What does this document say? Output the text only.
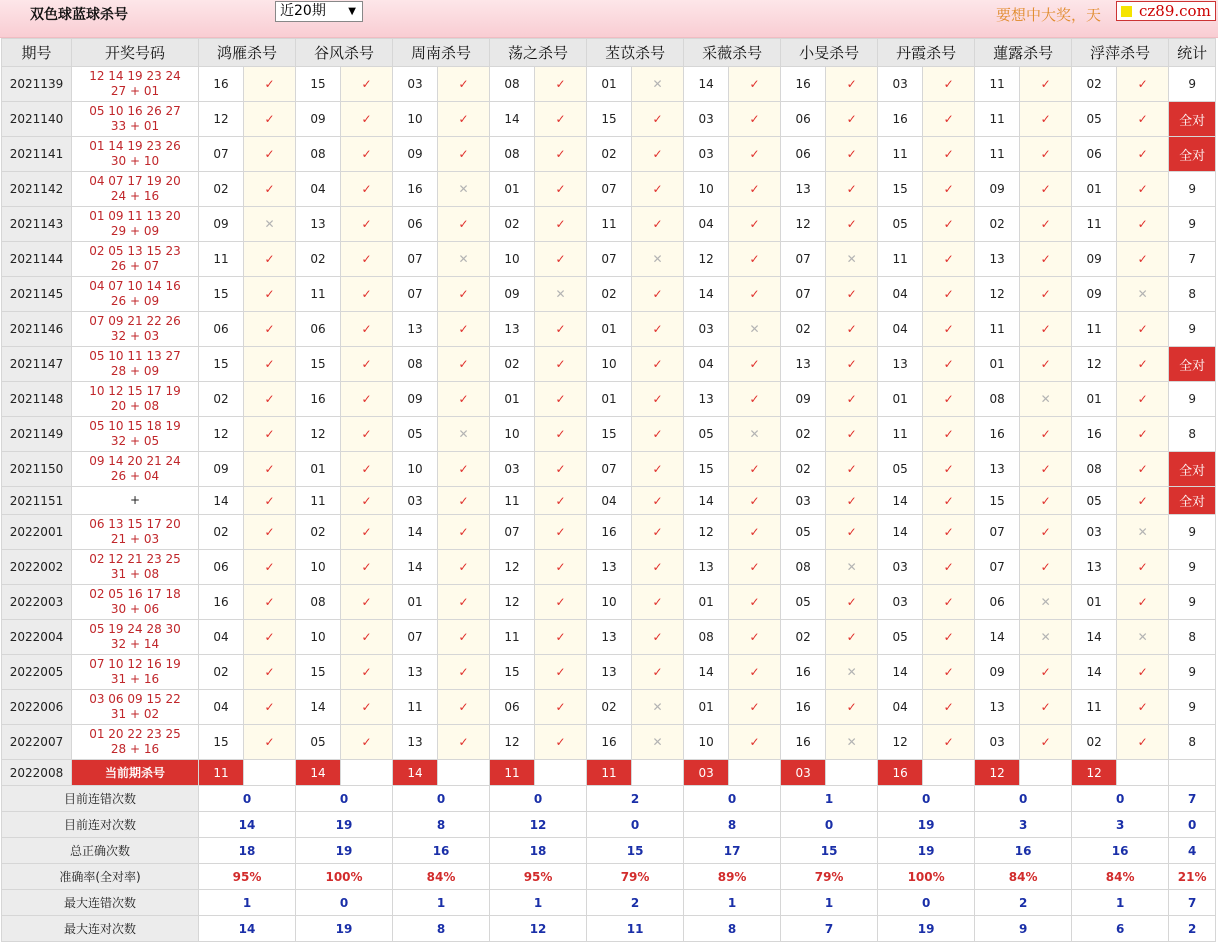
双色球蓝球杀号	近20期 ▼	要想中大奖，天	cz89.com
期号	开奖号码	鸿雁杀号		谷风杀号		周南杀号		荡之杀号		苤苡杀号		采薇杀号		小旻杀号		丹霞杀号		蓮露杀号		浮萍杀号		统计
2021139	12 14 19 23 24
27 + 01	16	✓	15	✓	03	✓	08	✓	01	✕	14	✓	16	✓	03	✓	11	✓	02	✓	9
2021140	05 10 16 26 27
33 + 01	12	✓	09	✓	10	✓	14	✓	15	✓	03	✓	06	✓	16	✓	11	✓	05	✓	全对
2021141	01 14 19 23 26
30 + 10	07	✓	08	✓	09	✓	08	✓	02	✓	03	✓	06	✓	11	✓	11	✓	06	✓	全对
2021142	04 07 17 19 20
24 + 16	02	✓	04	✓	16	✕	01	✓	07	✓	10	✓	13	✓	15	✓	09	✓	01	✓	9
2021143	01 09 11 13 20
29 + 09	09	✕	13	✓	06	✓	02	✓	11	✓	04	✓	12	✓	05	✓	02	✓	11	✓	9
2021144	02 05 13 15 23
26 + 07	11	✓	02	✓	07	✕	10	✓	07	✕	12	✓	07	✕	11	✓	13	✓	09	✓	7
2021145	04 07 10 14 16
26 + 09	15	✓	11	✓	07	✓	09	✕	02	✓	14	✓	07	✓	04	✓	12	✓	09	✕	8
2021146	07 09 21 22 26
32 + 03	06	✓	06	✓	13	✓	13	✓	01	✓	03	✕	02	✓	04	✓	11	✓	11	✓	9
2021147	05 10 11 13 27
28 + 09	15	✓	15	✓	08	✓	02	✓	10	✓	04	✓	13	✓	13	✓	01	✓	12	✓	全对
2021148	10 12 15 17 19
20 + 08	02	✓	16	✓	09	✓	01	✓	01	✓	13	✓	09	✓	01	✓	08	✕	01	✓	9
2021149	05 10 15 18 19
32 + 05	12	✓	12	✓	05	✕	10	✓	15	✓	05	✕	02	✓	11	✓	16	✓	16	✓	8
2021150	09 14 20 21 24
26 + 04	09	✓	01	✓	10	✓	03	✓	07	✓	15	✓	02	✓	05	✓	13	✓	08	✓	全对
2021151	+	14	✓	11	✓	03	✓	11	✓	04	✓	14	✓	03	✓	14	✓	15	✓	05	✓	全对
2022001	06 13 15 17 20
21 + 03	02	✓	02	✓	14	✓	07	✓	16	✓	12	✓	05	✓	14	✓	07	✓	03	✕	9
2022002	02 12 21 23 25
31 + 08	06	✓	10	✓	14	✓	12	✓	13	✓	13	✓	08	✕	03	✓	07	✓	13	✓	9
2022003	02 05 16 17 18
30 + 06	16	✓	08	✓	01	✓	12	✓	10	✓	01	✓	05	✓	03	✓	06	✕	01	✓	9
2022004	05 19 24 28 30
32 + 14	04	✓	10	✓	07	✓	11	✓	13	✓	08	✓	02	✓	05	✓	14	✕	14	✕	8
2022005	07 10 12 16 19
31 + 16	02	✓	15	✓	13	✓	15	✓	13	✓	14	✓	16	✕	14	✓	09	✓	14	✓	9
2022006	03 06 09 15 22
31 + 02	04	✓	14	✓	11	✓	06	✓	02	✕	01	✓	16	✓	04	✓	13	✓	11	✓	9
2022007	01 20 22 23 25
28 + 16	15	✓	05	✓	13	✓	12	✓	16	✕	10	✓	16	✕	12	✓	03	✓	02	✓	8
2022008	当前期杀号	11		14		14		11		11		03		03		16		12		12		
目前连错次数		0		0		0		0		2		0		1		0		0		0		7
目前连对次数		14		19		8		12		0		8		0		19		3		3		0
总正确次数		18		19		16		18		15		17		15		19		16		16		4
准确率(全对率)		95%		100%		84%		95%		79%		89%		79%		100%		84%		84%		21%
最大连错次数		1		0		1		1		2		1		1		0		2		1		7
最大连对次数		14		19		8		12		11		8		7		19		9		6		2
